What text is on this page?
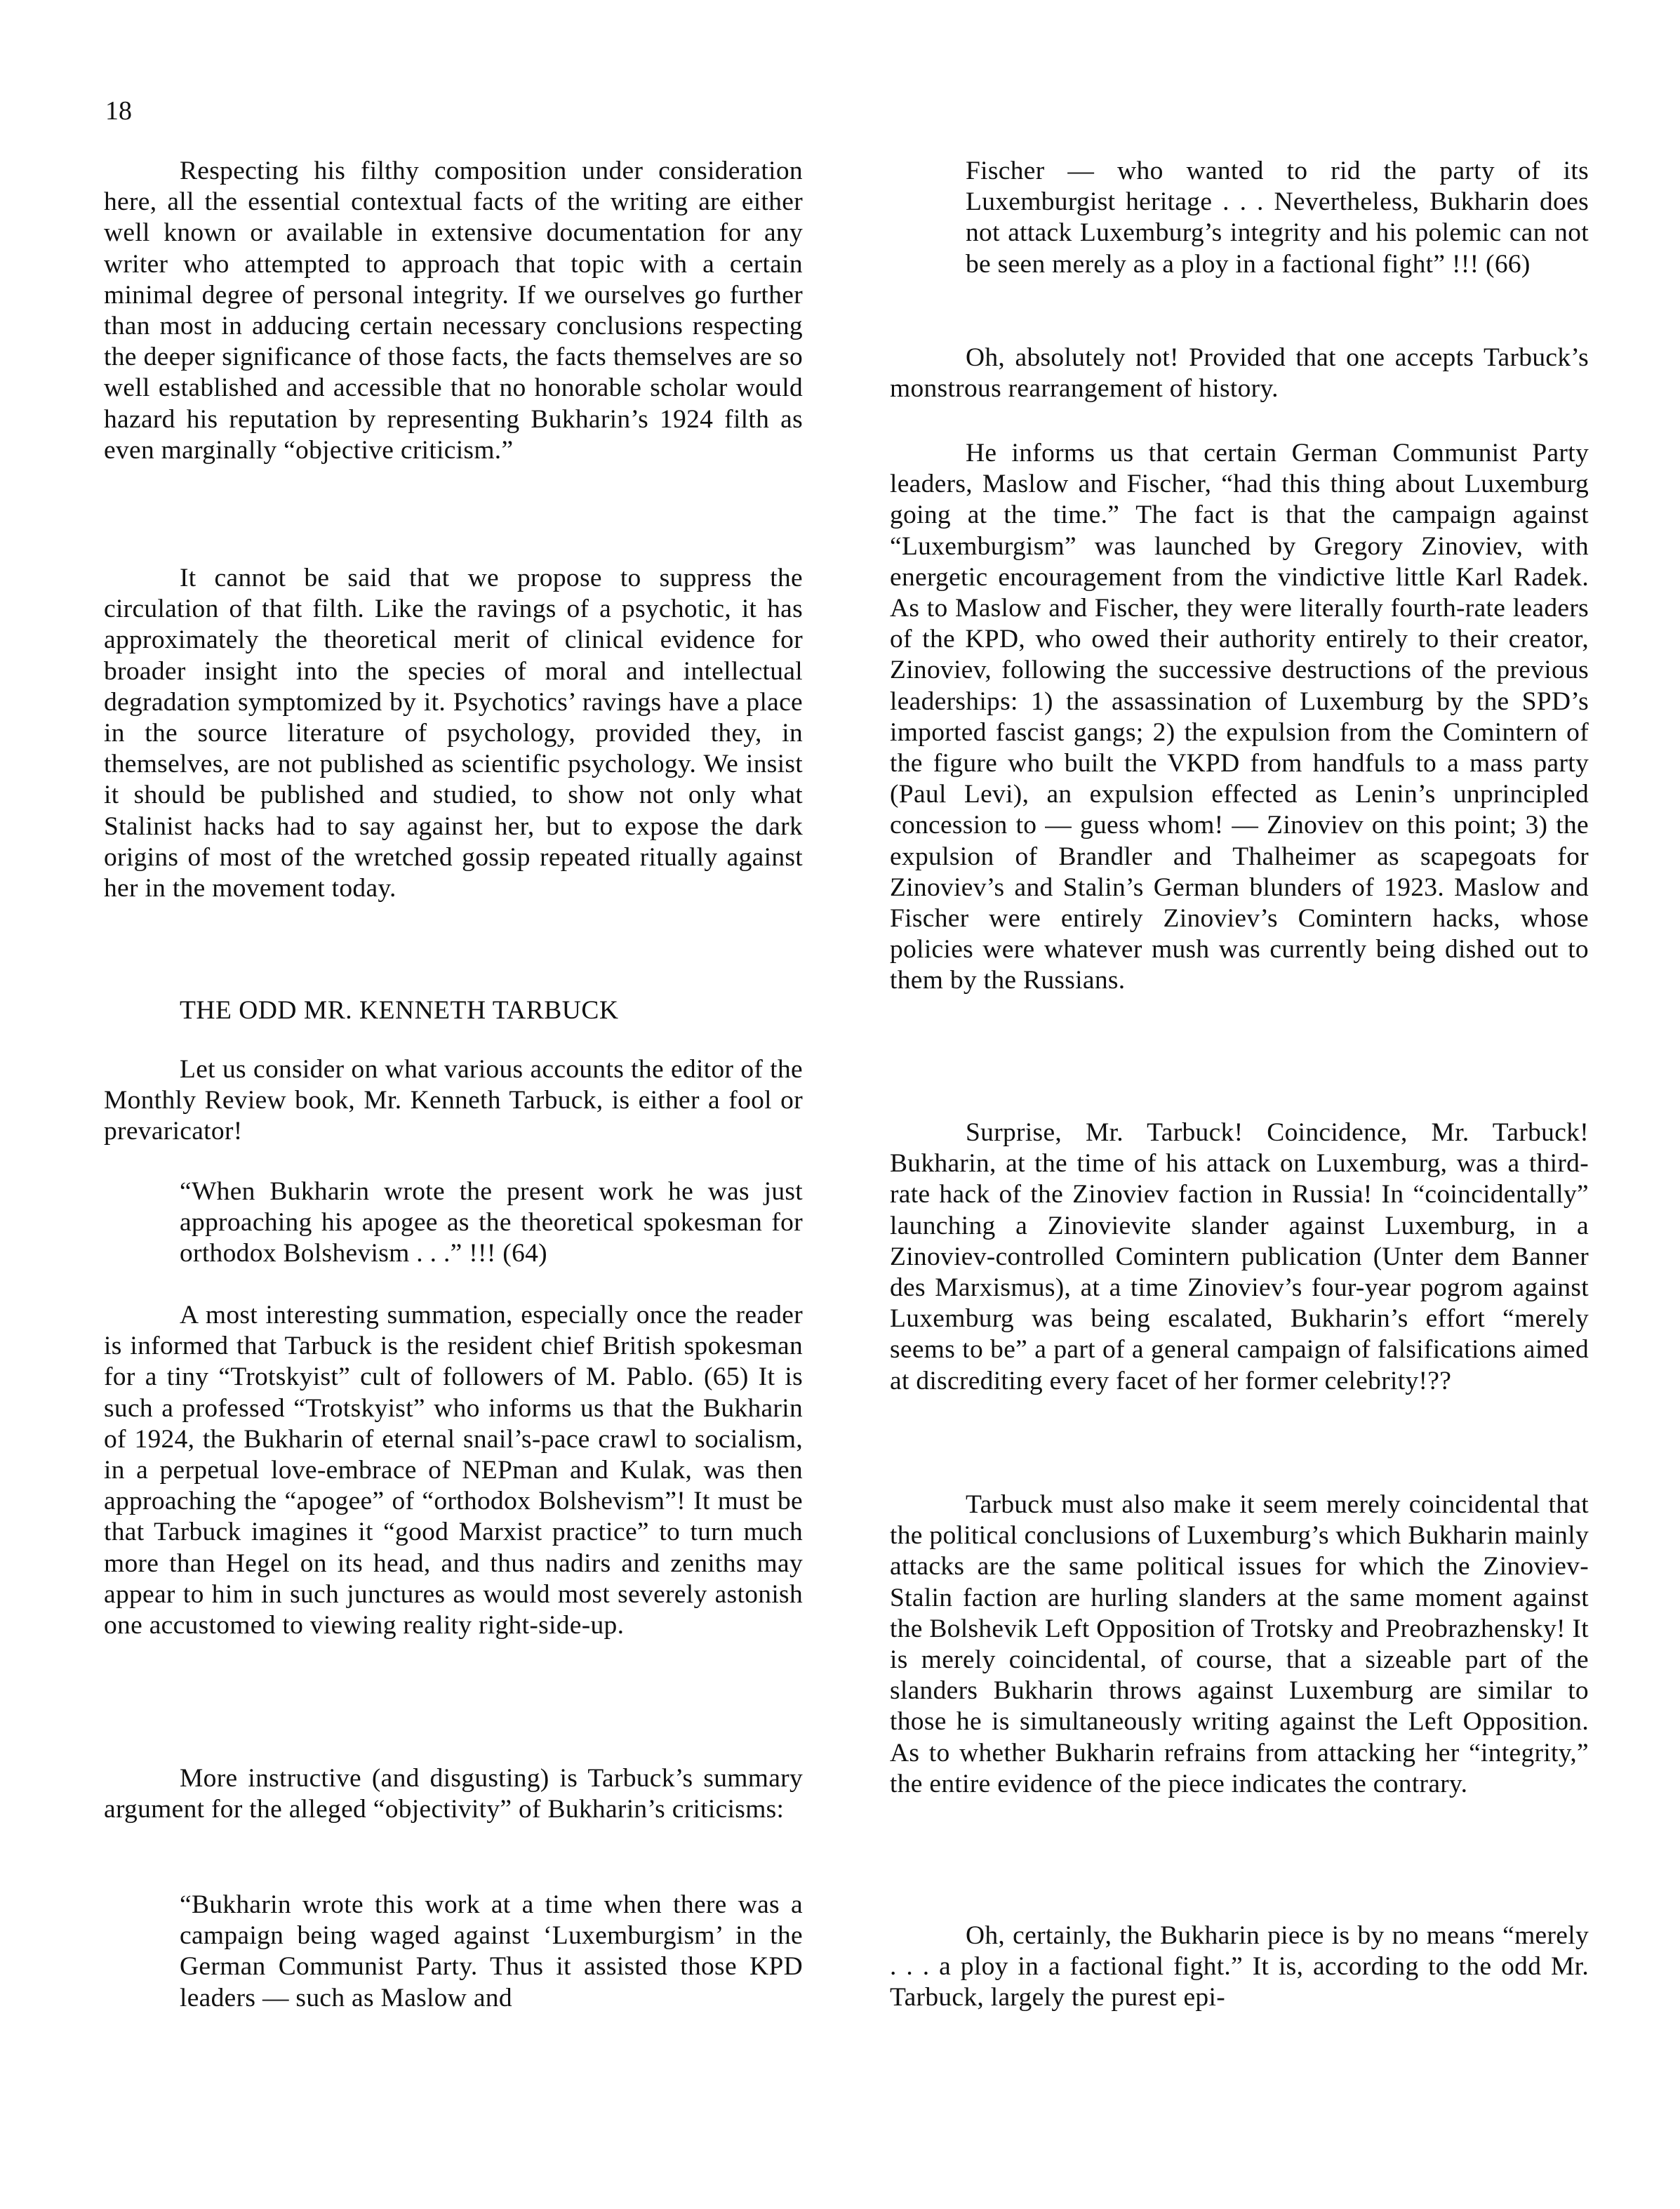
18

Respecting his filthy composition under consideration here, all the essential contextual facts of the writing are either well known or available in extensive documentation for any writer who attempted to approach that topic with a certain minimal degree of personal integrity. If we ourselves go further than most in adducing certain necessary conclusions respecting the deeper significance of those facts, the facts themselves are so well established and accessible that no honorable scholar would hazard his reputation by representing Bukharin’s 1924 filth as even marginally “objective criticism.”

It cannot be said that we propose to suppress the circulation of that filth. Like the ravings of a psychotic, it has approximately the theoretical merit of clinical evidence for broader insight into the species of moral and intellectual degradation symptomized by it. Psychotics’ ravings have a place in the source literature of psychology, provided they, in themselves, are not published as scientific psychology. We insist it should be published and studied, to show not only what Stalinist hacks had to say against her, but to expose the dark origins of most of the wretched gossip repeated ritually against her in the movement today.

THE ODD MR. KENNETH TARBUCK

Let us consider on what various accounts the editor of the Monthly Review book, Mr. Kenneth Tarbuck, is either a fool or prevaricator!

“When Bukharin wrote the present work he was just approaching his apogee as the theoretical spokesman for orthodox Bolshevism . . .” !!! (64)

A most interesting summation, especially once the reader is informed that Tarbuck is the resident chief British spokesman for a tiny “Trotskyist” cult of followers of M. Pablo. (65) It is such a professed “Trotskyist” who informs us that the Bukharin of 1924, the Bukharin of eternal snail’s-pace crawl to socialism, in a perpetual love-embrace of NEPman and Kulak, was then approaching the “apogee” of “orthodox Bolshevism”! It must be that Tarbuck imagines it “good Marxist practice” to turn much more than Hegel on its head, and thus nadirs and zeniths may appear to him in such junctures as would most severely astonish one accustomed to viewing reality right-side-up.

More instructive (and disgusting) is Tarbuck’s summary argument for the alleged “objectivity” of Bukharin’s criticisms:

“Bukharin wrote this work at a time when there was a campaign being waged against ‘Luxemburgism’ in the German Communist Party. Thus it assisted those KPD leaders — such as Maslow and
Fischer — who wanted to rid the party of its Luxemburgist heritage . . . Nevertheless, Bukharin does not attack Luxemburg’s integrity and his polemic can not be seen merely as a ploy in a factional fight” !!! (66)

Oh, absolutely not! Provided that one accepts Tarbuck’s monstrous rearrangement of history.

He informs us that certain German Communist Party leaders, Maslow and Fischer, “had this thing about Luxemburg going at the time.” The fact is that the campaign against “Luxemburgism” was launched by Gregory Zinoviev, with energetic encouragement from the vindictive little Karl Radek. As to Maslow and Fischer, they were literally fourth-rate leaders of the KPD, who owed their authority entirely to their creator, Zinoviev, following the successive destructions of the previous leaderships: 1) the assassination of Luxemburg by the SPD’s imported fascist gangs; 2) the expulsion from the Comintern of the figure who built the VKPD from handfuls to a mass party (Paul Levi), an expulsion effected as Lenin’s unprincipled concession to — guess whom! — Zinoviev on this point; 3) the expulsion of Brandler and Thalheimer as scapegoats for Zinoviev’s and Stalin’s German blunders of 1923. Maslow and Fischer were entirely Zinoviev’s Comintern hacks, whose policies were whatever mush was currently being dished out to them by the Russians.

Surprise, Mr. Tarbuck! Coincidence, Mr. Tarbuck! Bukharin, at the time of his attack on Luxemburg, was a third-rate hack of the Zinoviev faction in Russia! In “coincidentally” launching a Zinovievite slander against Luxemburg, in a Zinoviev-controlled Comintern publication (Unter dem Banner des Marxismus), at a time Zinoviev’s four-year pogrom against Luxemburg was being escalated, Bukharin’s effort “merely seems to be” a part of a general campaign of falsifications aimed at discrediting every facet of her former celebrity!??

Tarbuck must also make it seem merely coincidental that the political conclusions of Luxemburg’s which Bukharin mainly attacks are the same political issues for which the Zinoviev-Stalin faction are hurling slanders at the same moment against the Bolshevik Left Opposition of Trotsky and Preobrazhensky! It is merely coincidental, of course, that a sizeable part of the slanders Bukharin throws against Luxemburg are similar to those he is simultaneously writing against the Left Opposition. As to whether Bukharin refrains from attacking her “integrity,” the entire evidence of the piece indicates the contrary.

Oh, certainly, the Bukharin piece is by no means “merely . . . a ploy in a factional fight.” It is, according to the odd Mr. Tarbuck, largely the purest epi-
